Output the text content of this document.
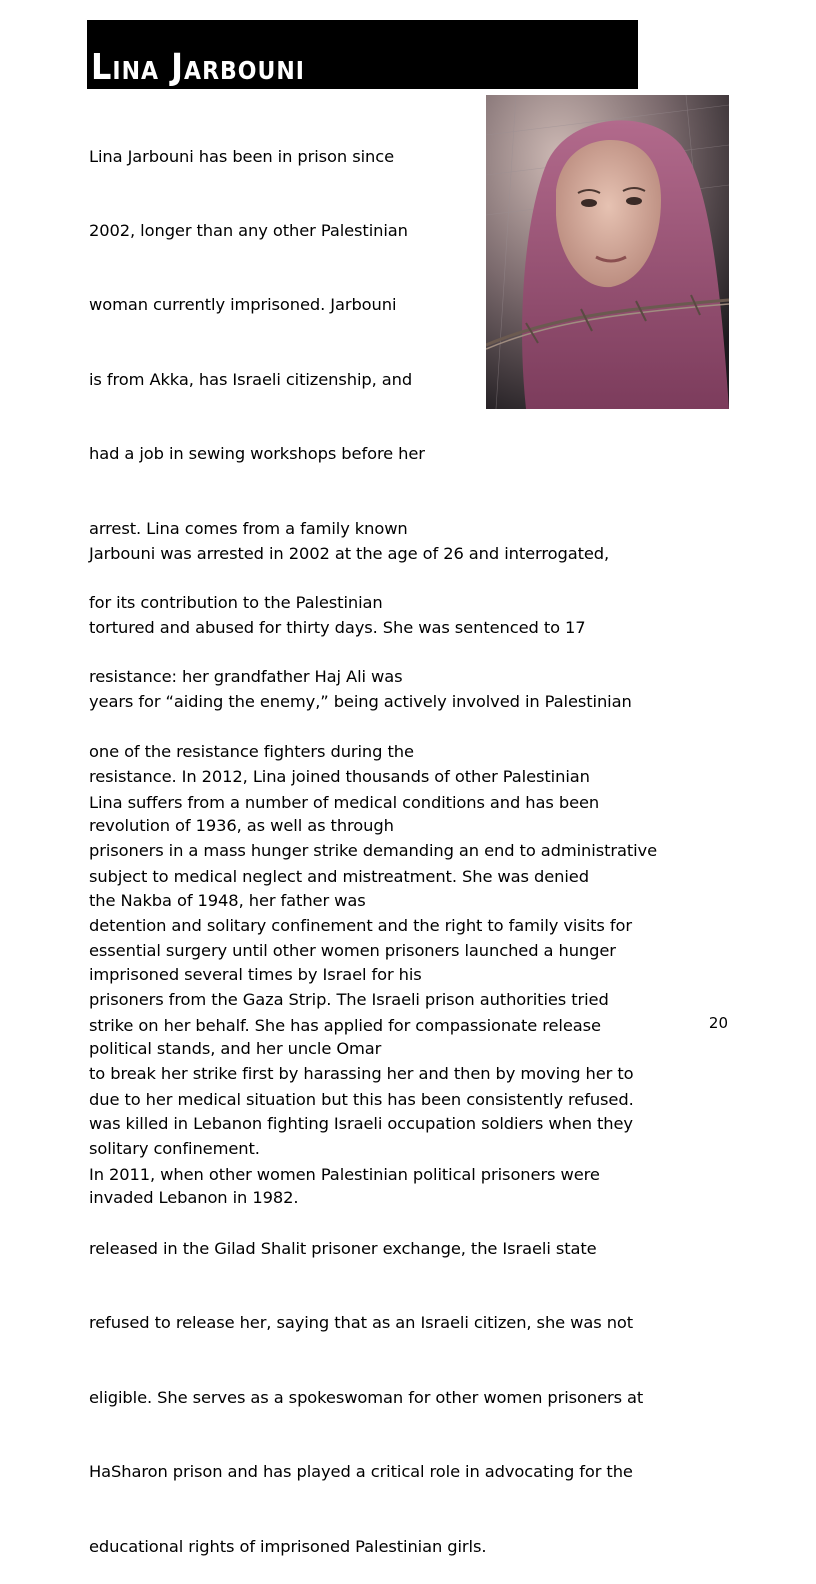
Lina Jarbouni

Lina Jarbouni has been in prison since

2002, longer than any other Palestinian

woman currently imprisoned. Jarbouni

is from Akka, has Israeli citizenship, and

had a job in sewing workshops before her

arrest. Lina comes from a family known

for its contribution to the Palestinian

resistance: her grandfather Haj Ali was

one of the resistance fighters during the

revolution of 1936, as well as through

the Nakba of 1948, her father was

imprisoned several times by Israel for his

political stands, and her uncle Omar

was killed in Lebanon fighting Israeli occupation soldiers when they

invaded Lebanon in 1982.

Jarbouni was arrested in 2002 at the age of 26 and interrogated,

tortured and abused for thirty days. She was sentenced to 17

years for “aiding the enemy,” being actively involved in Palestinian

resistance. In 2012, Lina joined thousands of other Palestinian

prisoners in a mass hunger strike demanding an end to administrative

detention and solitary confinement and the right to family visits for

prisoners from the Gaza Strip. The Israeli prison authorities tried

to break her strike first by harassing her and then by moving her to

solitary confinement.

Lina suffers from a number of medical conditions and has been

subject to medical neglect and mistreatment. She was denied

essential surgery until other women prisoners launched a hunger

strike on her behalf. She has applied for compassionate release

due to her medical situation but this has been consistently refused.

In 2011, when other women Palestinian political prisoners were

released in the Gilad Shalit prisoner exchange, the Israeli state

refused to release her, saying that as an Israeli citizen, she was not

eligible. She serves as a spokeswoman for other women prisoners at

HaSharon prison and has played a critical role in advocating for the

educational rights of imprisoned Palestinian girls.

20
